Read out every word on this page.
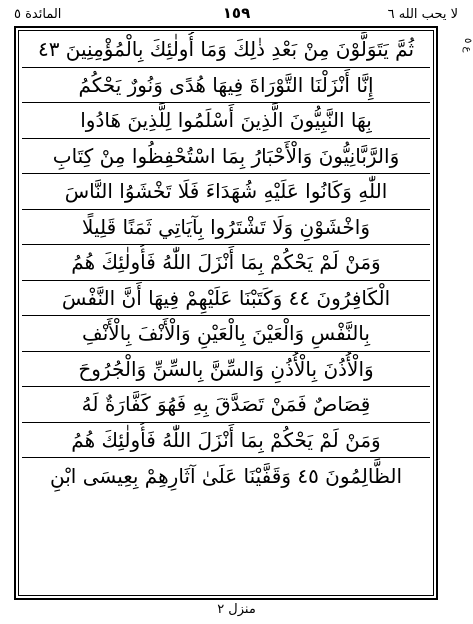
لا يحب الله ٦
المائدة ٥	١٥٩
ع ٥
ثُمَّ يَتَوَلَّوْنَ مِنْ بَعْدِ ذٰلِكَ وَمَا أُولٰئِكَ بِالْمُؤْمِنِينَ ٤٣
إِنَّا أَنْزَلْنَا التَّوْرَاةَ فِيهَا هُدًى وَنُورٌ يَحْكُمُ
بِهَا النَّبِيُّونَ الَّذِينَ أَسْلَمُوا لِلَّذِينَ هَادُوا
وَالرَّبَّانِيُّونَ وَالْأَحْبَارُ بِمَا اسْتُحْفِظُوا مِنْ كِتَابِ
اللّٰهِ وَكَانُوا عَلَيْهِ شُهَدَاءَ فَلَا تَخْشَوُا النَّاسَ
وَاخْشَوْنِ وَلَا تَشْتَرُوا بِآيَاتِي ثَمَنًا قَلِيلًا
وَمَنْ لَمْ يَحْكُمْ بِمَا أَنْزَلَ اللّٰهُ فَأُولٰئِكَ هُمُ
الْكَافِرُونَ ٤٤ وَكَتَبْنَا عَلَيْهِمْ فِيهَا أَنَّ النَّفْسَ
بِالنَّفْسِ وَالْعَيْنَ بِالْعَيْنِ وَالْأَنْفَ بِالْأَنْفِ
وَالْأُذُنَ بِالْأُذُنِ وَالسِّنَّ بِالسِّنِّ وَالْجُرُوحَ
قِصَاصٌ فَمَنْ تَصَدَّقَ بِهِ فَهُوَ كَفَّارَةٌ لَهُ
وَمَنْ لَمْ يَحْكُمْ بِمَا أَنْزَلَ اللّٰهُ فَأُولٰئِكَ هُمُ
الظَّالِمُونَ ٤٥ وَقَفَّيْنَا عَلَىٰ آثَارِهِمْ بِعِيسَى ابْنِ
منزل ٢
